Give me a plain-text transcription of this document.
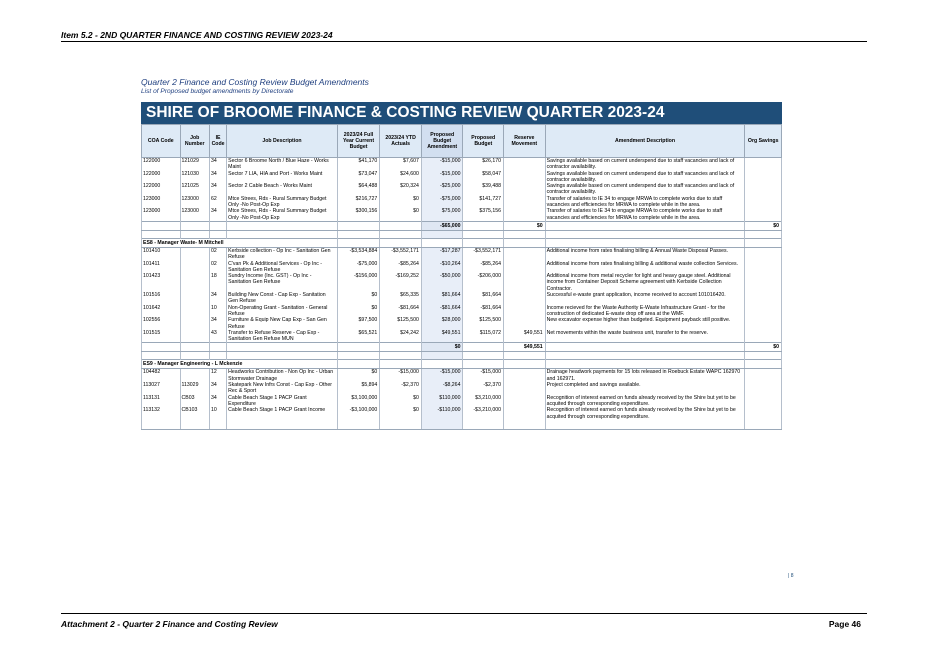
Item 5.2 - 2ND QUARTER FINANCE AND COSTING REVIEW 2023-24
Quarter 2 Finance and Costing Review Budget Amendments
List of Proposed budget amendments by Directorate
SHIRE OF BROOME FINANCE & COSTING REVIEW QUARTER 2023-24
COA Code	Job Number	IE Code	Job Description	2023/24 Full Year Current Budget	2023/24 YTD Actuals	Proposed Budget Amendment	Proposed Budget	Reserve Movement	Amendment Description	Org Savings
122000	121029	34	Sector 6 Broome North / Blue Haze - Works Maint	$41,170	$7,607	-$15,000	$26,170		Savings available based on current underspend due to staff vacancies and lack of contractor availability.	
122000	121030	34	Sector 7 LIA, HIA and Port - Works Maint	$73,047	$24,600	-$15,000	$58,047		Savings available based on current underspend due to staff vacancies and lack of contractor availability.	
122000	121025	34	Sector 2 Cable Beach - Works Maint	$64,488	$20,324	-$25,000	$39,488		Savings available based on current underspend due to staff vacancies and lack of contractor availability.	
123000	123000	62	Mtce Strees, Rds - Rural Summary Budget Only -No Post-Op Exp	$216,727	$0	-$75,000	$141,727		Transfer of salaries to IE 34 to engage MRWA to complete works due to staff vacancies and efficiencies for MRWA to complete while in the area.	
123000	123000	34	Mtce Strees, Rds - Rural Summary Budget Only -No Post-Op Exp	$300,156	$0	$75,000	$375,156		Transfer of salaries to IE 34 to engage MRWA to complete works due to staff vacancies and efficiencies for MRWA to complete while in the area.	
						-$65,000		$0		$0

ES8 - Manager Waste- M Mitchell										
101410		02	Kerbside collection - Op Inc - Sanitation Gen Refuse	-$3,534,884	-$3,552,171	-$17,287	-$3,552,171		Additional income from rates finalising billing & Annual Waste Disposal Passes.	
101411		02	C'van Pk & Additional Services - Op Inc - Sanitation Gen Refuse	-$75,000	-$85,264	-$10,264	-$85,264		Additional income from rates finalising billing & additional waste collection Services.	
101423		18	Sundry Income (Inc. GST) - Op Inc - Sanitation Gen Refuse	-$156,000	-$169,252	-$50,000	-$206,000		Additional income from metal recycler for light and heavy gauge steel. Additional income from Container Deposit Scheme agreement with Kerbside Collection Contractor.	
101516		34	Building New Const - Cap Exp - Sanitation Gen Refuse	$0	$65,335	$81,664	$81,664		Successful e-waste grant application, income received to account 101016420.	
101642		10	Non-Operating Grant - Sanitation - General Refuse	$0	-$81,664	-$81,664	-$81,664		Income recieved for the Waste Authority E-Waste Infrastructure Grant - for the construction of dedicated E-waste drop off area at the WMF.	
102556		34	Furniture & Equip New Cap Exp - San Gen Refuse	$97,500	$125,500	$28,000	$125,500		New excavator expense higher than budgeted. Equipment payback still positive.	
101515		43	Transfer to Refuse Reserve - Cap Exp - Sanitation Gen Refuse MUN	$65,521	$24,242	$49,551	$115,072	$49,551	Net movements within the waste business unit, transfer to the reserve.	
						$0		$49,551		$0

ES9 - Manager Engineering - L Mckenzie										
104482		12	Headworks Contribution - Non Op Inc - Urban Stormwater Drainage	$0	-$15,000	-$15,000	-$15,000		Drainage headwork payments for 15 lots released in Roebuck Estate WAPC 162970 and 162971.	
113027	113029	34	Skatepark New Infrs Const - Cap Exp - Other Rec & Sport	$5,894	-$2,370	-$8,264	-$2,370		Project completed and savings available.	
113131	CB03	34	Cable Beach Stage 1 PACP Grant Expenditure	$3,100,000	$0	$110,000	$3,210,000		Recognition of interest earned on funds already received by the Shire but yet to be acquited through corresponding expenditure.	
113132	CB103	10	Cable Beach Stage 1 PACP Grant Income	-$3,100,000	$0	-$110,000	-$3,210,000		Recognition of interest earned on funds already received by the Shire but yet to be acquited through corresponding expenditure.	
| 8
Attachment 2 - Quarter 2 Finance and Costing Review	Page 46
